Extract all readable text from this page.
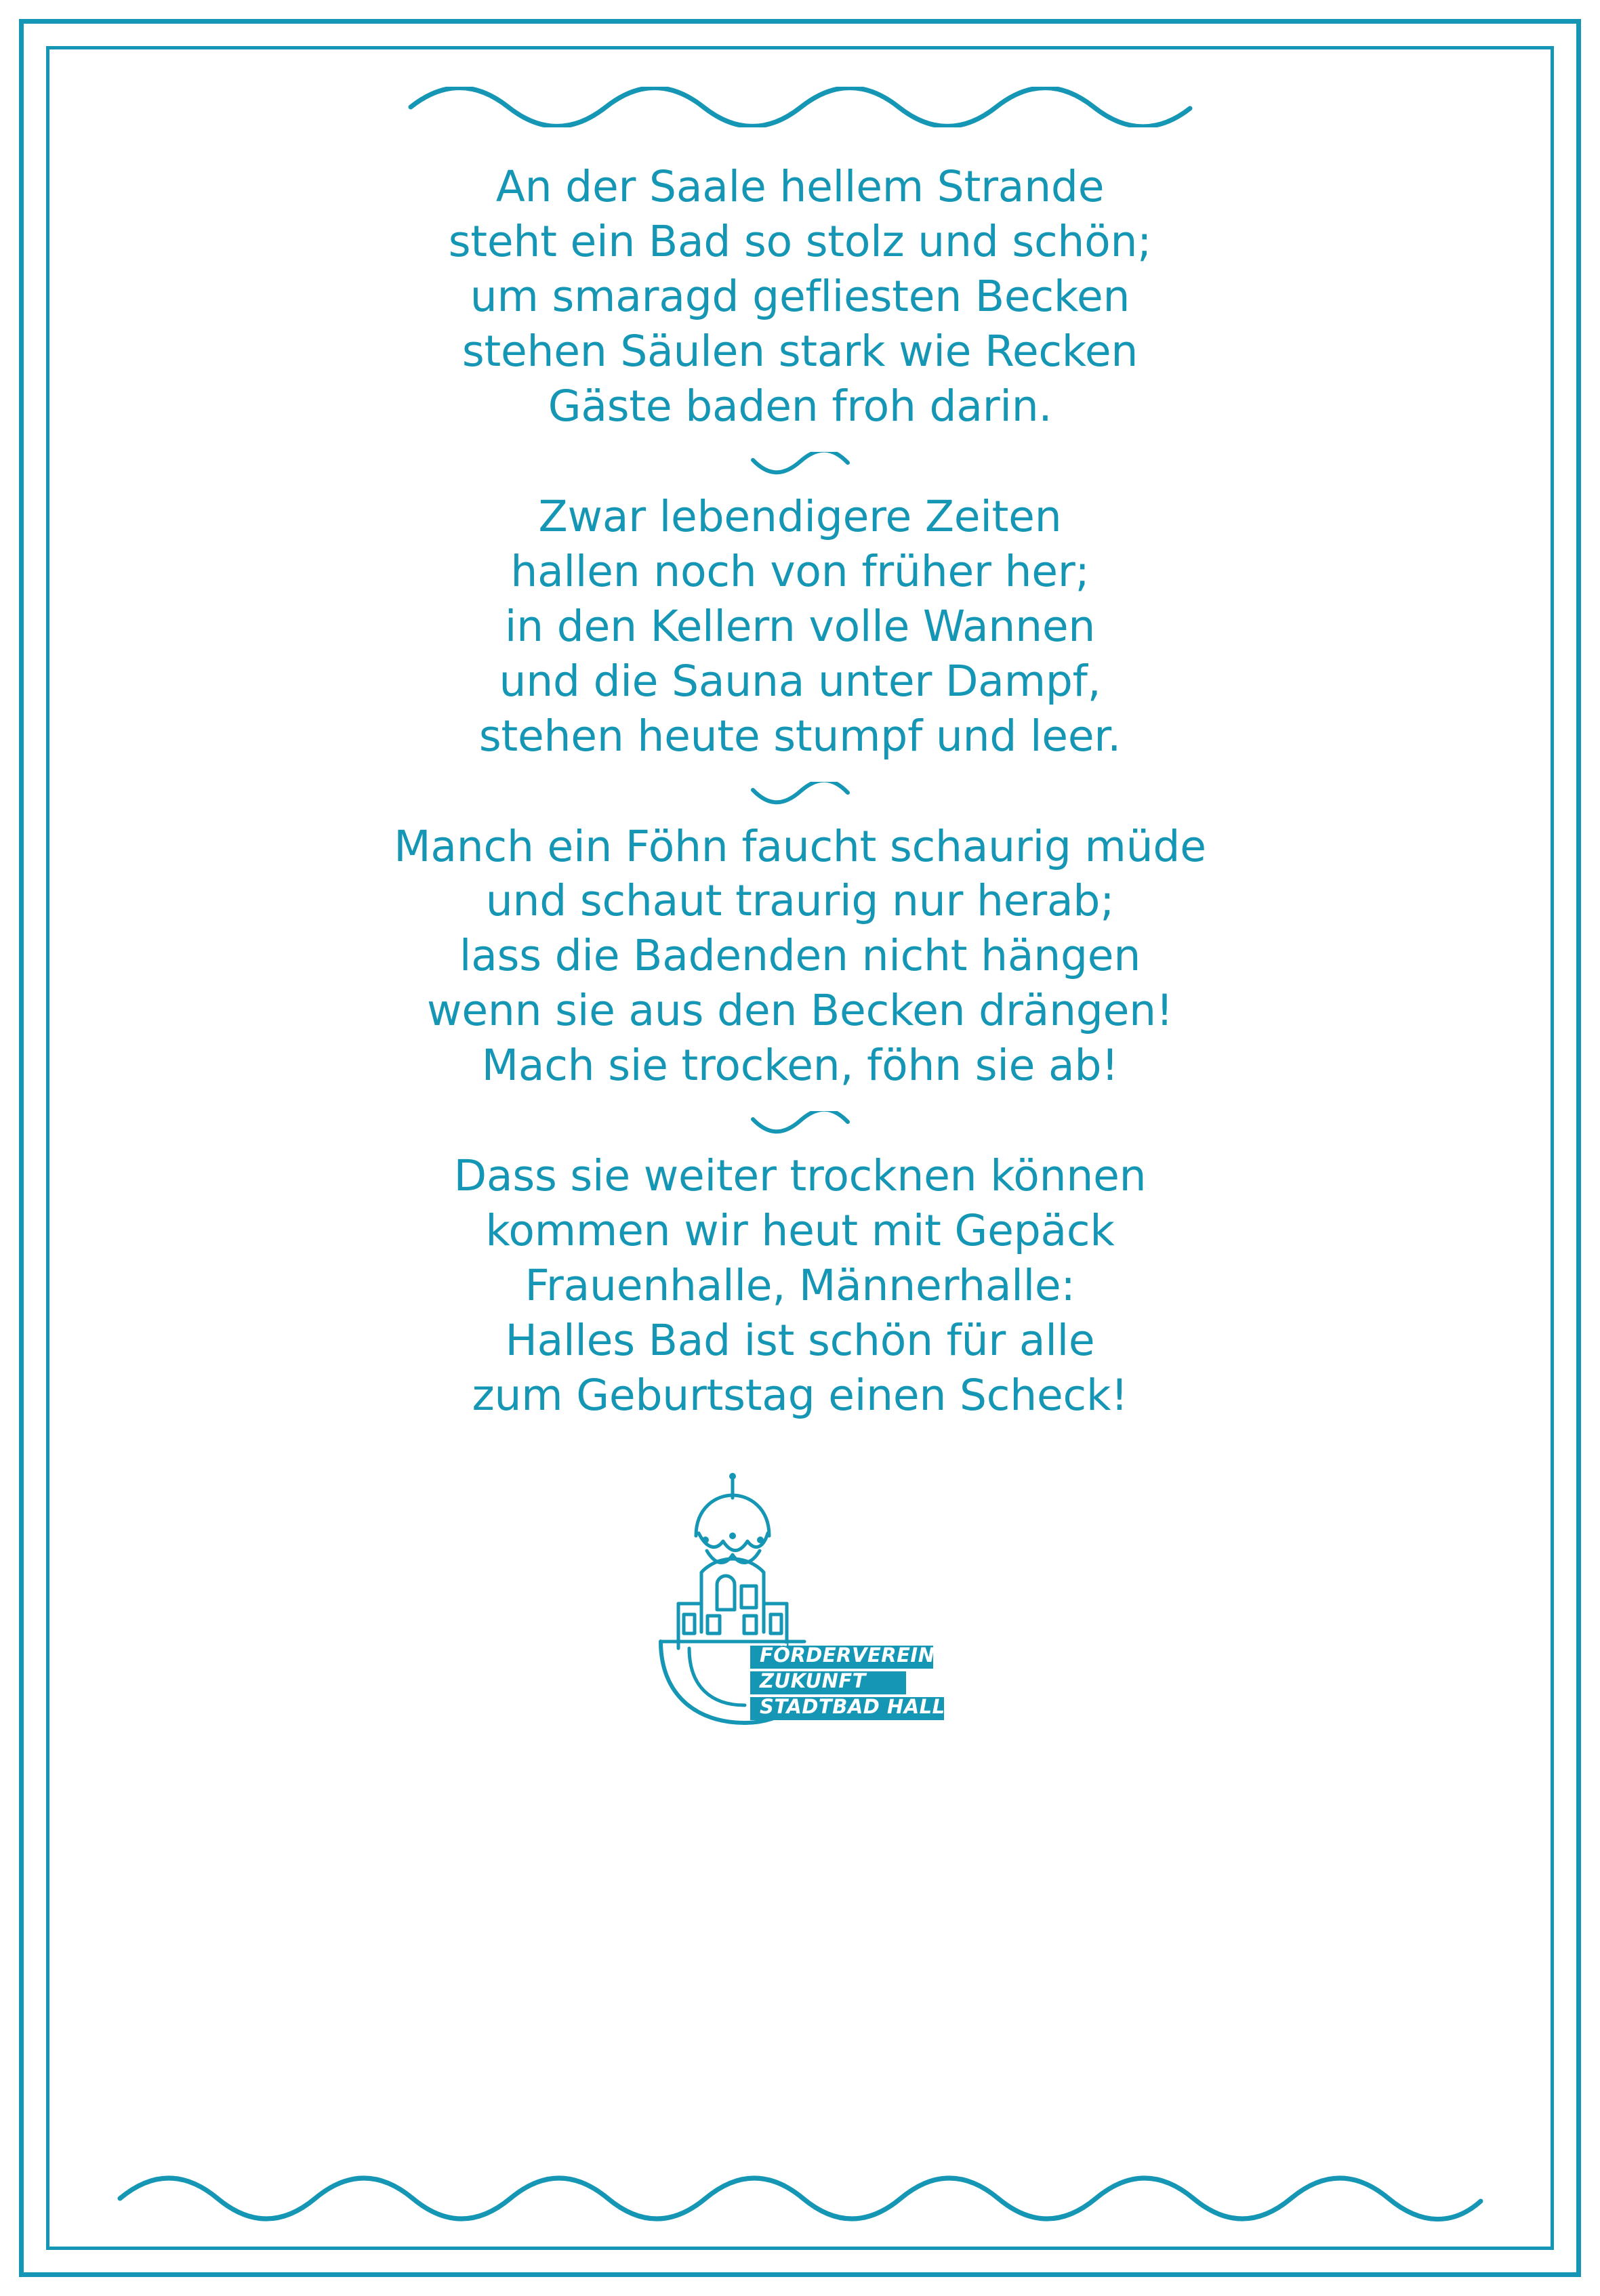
An der Saale hellem Strande
steht ein Bad so stolz und schön;
um smaragd gefliesten Becken
stehen Säulen stark wie Recken
Gäste baden froh darin.
Zwar lebendigere Zeiten
hallen noch von früher her;
in den Kellern volle Wannen
und die Sauna unter Dampf,
stehen heute stumpf und leer.
Manch ein Föhn faucht schaurig müde
und schaut traurig nur herab;
lass die Badenden nicht hängen
wenn sie aus den Becken drängen!
Mach sie trocken, föhn sie ab!
Dass sie weiter trocknen können
kommen wir heut mit Gepäck
Frauenhalle, Männerhalle:
Halles Bad ist schön für alle
zum Geburtstag einen Scheck!
FÖRDERVEREIN
ZUKUNFT
STADTBAD HALLE
